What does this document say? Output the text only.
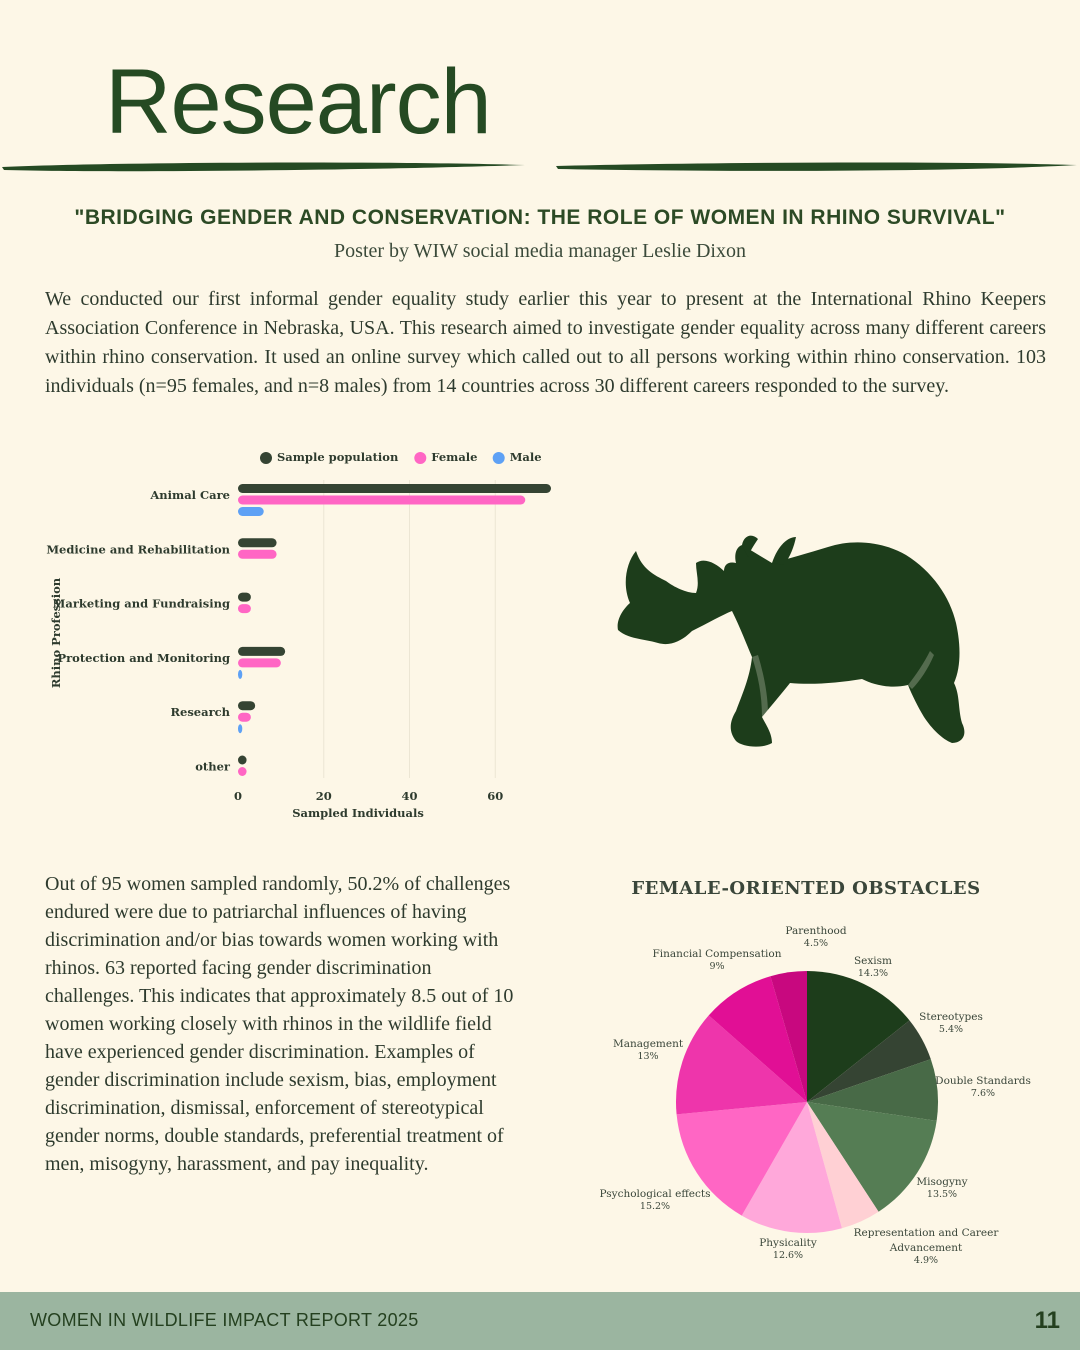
Research
"BRIDGING GENDER AND CONSERVATION: THE ROLE OF WOMEN IN RHINO SURVIVAL"
Poster by WIW social media manager Leslie Dixon

We conducted our first informal gender equality study earlier this year to present at the International Rhino Keepers Association Conference in Nebraska, USA. This research aimed to investigate gender equality across many different careers within rhino conservation. It used an online survey which called out to all persons working within rhino conservation. 103 individuals (n=95 females, and n=8 males) from 14 countries across 30 different careers responded to the survey.

Sample population	Female	Male
0	20	40	60
Sampled Individuals
Rhino Profession
Animal Care
Medicine and Rehabilitation
Marketing and Fundraising
Protection and Monitoring
Research
other

Out of 95 women sampled randomly, 50.2% of challenges endured were due to patriarchal influences of having discrimination and/or bias towards women working with rhinos. 63 reported facing gender discrimination challenges. This indicates that approximately 8.5 out of 10 women working closely with rhinos in the wildlife field have experienced gender discrimination. Examples of gender discrimination include sexism, bias, employment discrimination, dismissal, enforcement of stereotypical gender norms, double standards, preferential treatment of men, misogyny, harassment, and pay inequality.

FEMALE-ORIENTED OBSTACLES
Sexism
14.3%
Stereotypes
5.4%
Double Standards
7.6%
Misogyny
13.5%
Representation and Career
Advancement
4.9%
Physicality
12.6%
Psychological effects
15.2%
Management
13%
Financial Compensation
9%
Parenthood
4.5%
WOMEN IN WILDLIFE IMPACT REPORT 2025	11
